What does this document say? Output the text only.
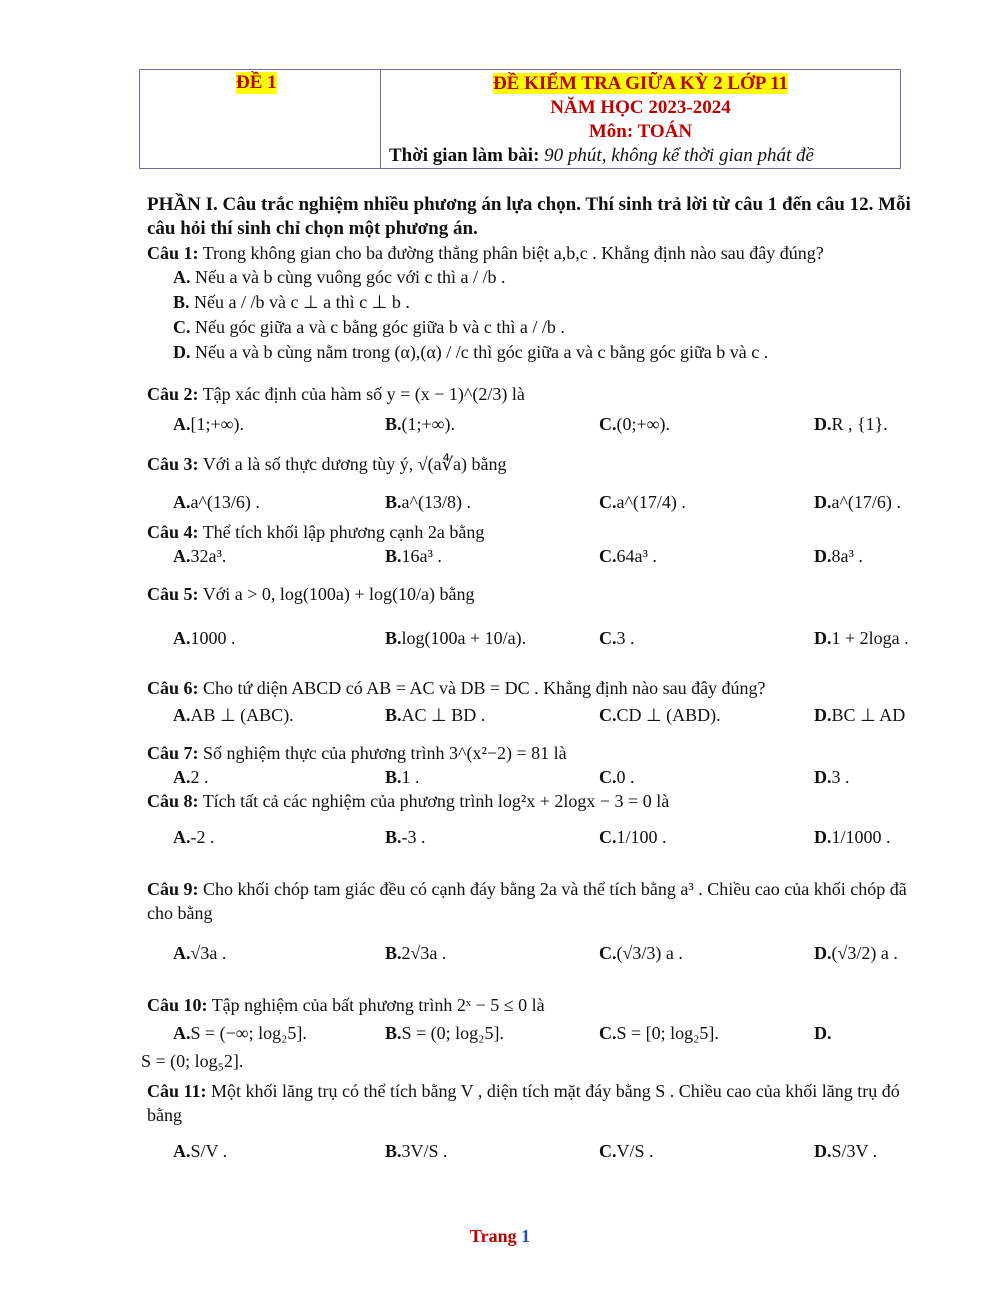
ĐỀ 1	ĐỀ KIỂM TRA GIỮA KỲ 2 LỚP 11
NĂM HỌC 2023-2024
Môn: TOÁN
Thời gian làm bài: 90 phút, không kể thời gian phát đề

PHẦN I. Câu trắc nghiệm nhiều phương án lựa chọn. Thí sinh trả lời từ câu 1 đến câu 12. Mỗi câu hỏi thí sinh chỉ chọn một phương án.

Câu 1: Trong không gian cho ba đường thẳng phân biệt a,b,c . Khẳng định nào sau đây đúng?

A. Nếu a và b cùng vuông góc với c thì a / /b .
B. Nếu a / /b và c ⊥ a thì c ⊥ b .
C. Nếu góc giữa a và c bằng góc giữa b và c thì a / /b .
D. Nếu a và b cùng nằm trong (α),(α) / /c thì góc giữa a và c bằng góc giữa b và c .

Câu 2: Tập xác định của hàm số y = (x − 1)^(2/3) là

A. [1;+∞).	B. (1;+∞).	C. (0;+∞).	D. R , {1}.

Câu 3: Với a là số thực dương tùy ý, √(a∜a) bằng

A. a^(13/6) .	B. a^(13/8) .	C. a^(17/4) .	D. a^(17/6) .

Câu 4: Thể tích khối lập phương cạnh 2a bằng

A. 32a³.	B. 16a³ .	C. 64a³ .	D. 8a³ .

Câu 5: Với a > 0, log(100a) + log(10/a) bằng

A. 1000 .	B. log(100a + 10/a).	C. 3 .	D. 1 + 2loga .

Câu 6: Cho tứ diện ABCD có AB = AC và DB = DC . Khẳng định nào sau đây đúng?

A. AB ⊥ (ABC).	B. AC ⊥ BD .	C. CD ⊥ (ABD).	D. BC ⊥ AD

Câu 7: Số nghiệm thực của phương trình 3^(x²−2) = 81 là

A. 2 .	B. 1 .	C. 0 .	D. 3 .

Câu 8: Tích tất cả các nghiệm của phương trình log²x + 2logx − 3 = 0 là

A. -2 .	B. -3 .	C. 1/100 .	D. 1/1000 .

Câu 9: Cho khối chóp tam giác đều có cạnh đáy bằng 2a và thể tích bằng a³ . Chiều cao của khối chóp đã cho bằng

A. √3a .	B. 2√3a .	C. (√3/3) a .	D. (√3/2) a .

Câu 10: Tập nghiệm của bất phương trình 2ˣ − 5 ≤ 0 là

A. S = (−∞; log₂5].	B. S = (0; log₂5].	C. S = [0; log₂5].	D.
S = (0; log₅2].

Câu 11: Một khối lăng trụ có thể tích bằng V , diện tích mặt đáy bằng S . Chiều cao của khối lăng trụ đó bằng

A. S/V .	B. 3V/S .	C. V/S .	D. S/3V .
Trang 1
